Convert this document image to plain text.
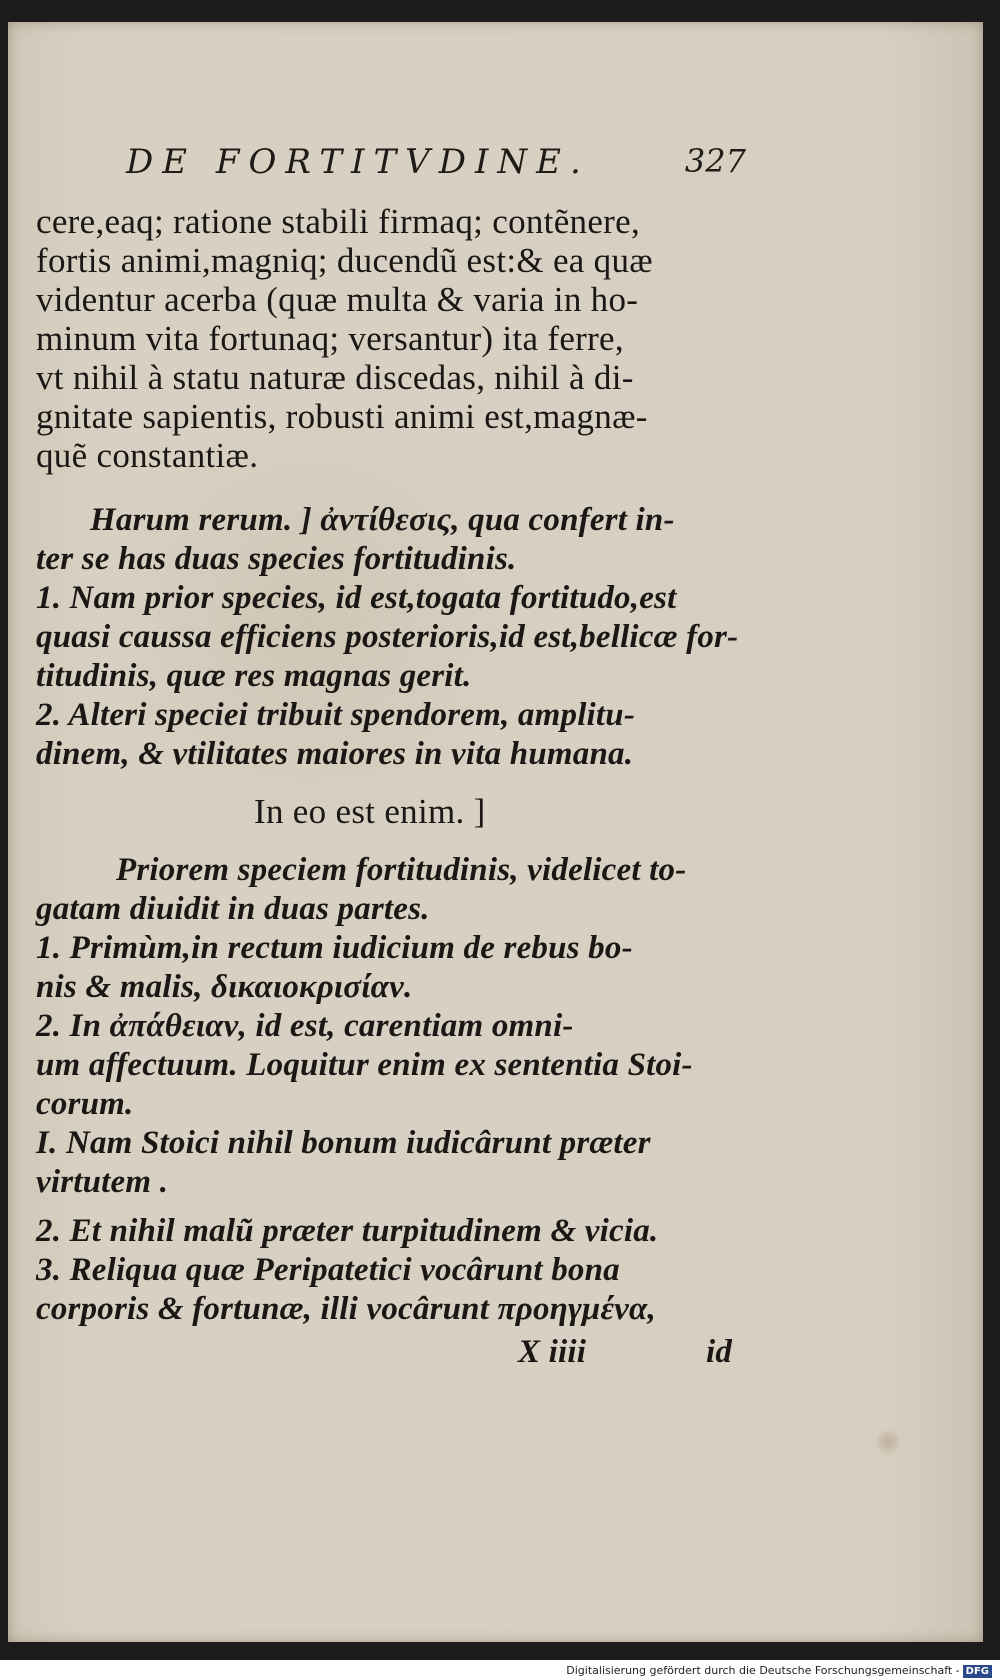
DE FORTITVDINE.	327
cere,eaq; ratione stabili firmaq; contẽnere,
fortis animi,magniq; ducendũ est:& ea quæ
videntur acerba (quæ multa & varia in ho-
minum vita fortunaq; versantur) ita ferre,
vt nihil à statu naturæ discedas, nihil à di-
gnitate sapientis, robusti animi est,magnæ-
quẽ constantiæ.
Harum rerum. ] ἀντίθεσις, qua confert in-
ter se has duas species fortitudinis.
1. Nam prior species, id est,togata fortitudo,est
quasi caussa efficiens posterioris,id est,bellicæ for-
titudinis, quæ res magnas gerit.
2. Alteri speciei tribuit spendorem, amplitu-
dinem, & vtilitates maiores in vita humana.
In eo est enim. ]
Priorem speciem fortitudinis, videlicet to-
gatam diuidit in duas partes.
1. Primùm,in rectum iudicium de rebus bo-
nis & malis, δικαιοκρισίαν.
2. In ἀπάθειαν, id est, carentiam omni-
um affectuum. Loquitur enim ex sententia Stoi-
corum.
I. Nam Stoici nihil bonum iudicârunt præter
virtutem .
2. Et nihil malũ præter turpitudinem & vicia.
3. Reliqua quæ Peripatetici vocârunt bona
corporis & fortunæ, illi vocârunt προηγμένα,
X iiii	id
Digitalisierung gefördert durch die Deutsche Forschungsgemeinschaft - DFG
